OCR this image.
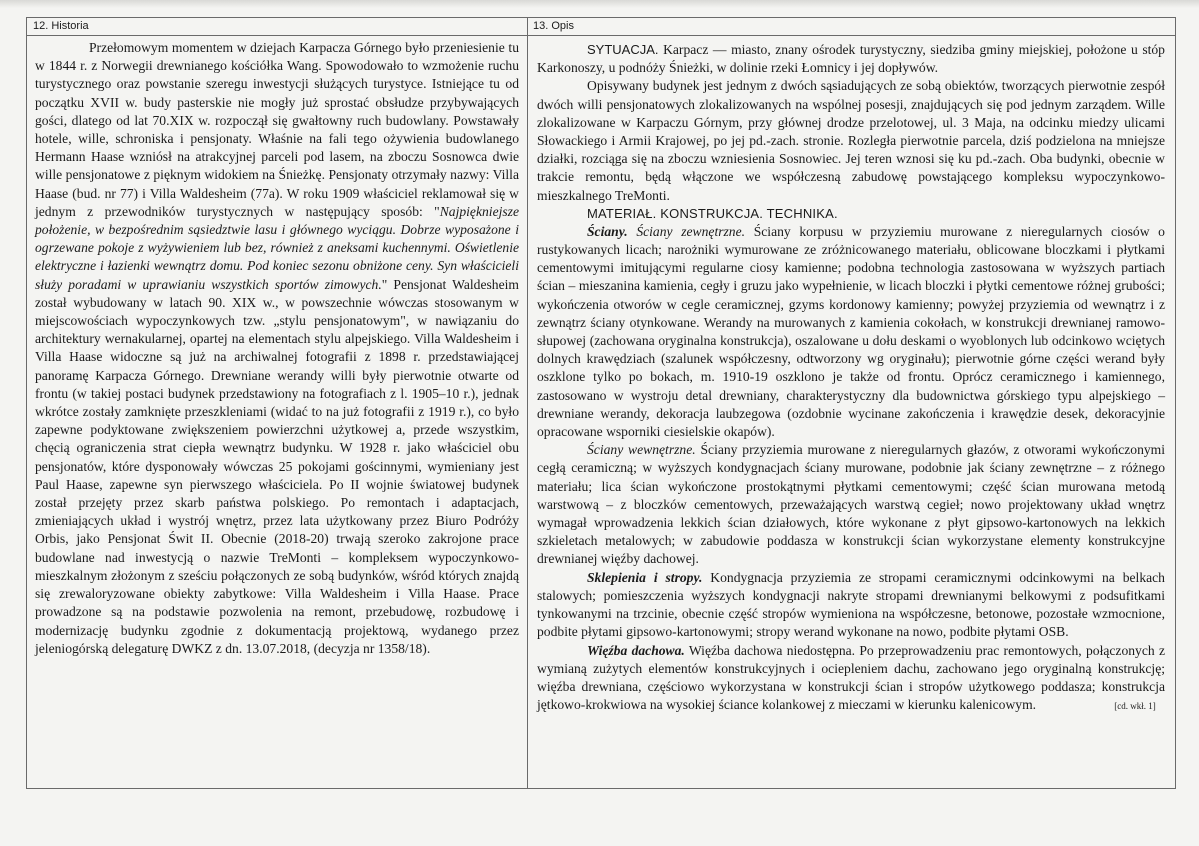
12. Historia	13. Opis

Przełomowym momentem w dziejach Karpacza Górnego było przeniesienie tu w 1844 r. z Norwegii drewnianego kościółka Wang. Spowodowało to wzmożenie ruchu turystycznego oraz powstanie szeregu inwestycji służących turystyce. Istniejące tu od początku XVII w. budy pasterskie nie mogły już sprostać obsłudze przybywających gości, dlatego od lat 70.XIX w. rozpoczął się gwałtowny ruch budowlany. Powstawały hotele, wille, schroniska i pensjonaty. Właśnie na fali tego ożywienia budowlanego Hermann Haase wzniósł na atrakcyjnej parceli pod lasem, na zboczu Sosnowca dwie wille pensjonatowe z pięknym widokiem na Śnieżkę. Pensjonaty otrzymały nazwy: Villa Haase (bud. nr 77) i Villa Waldesheim (77a). W roku 1909 właściciel reklamował się w jednym z przewodników turystycznych w następujący sposób: "Najpiękniejsze położenie, w bezpośrednim sąsiedztwie lasu i głównego wyciągu. Dobrze wyposażone i ogrzewane pokoje z wyżywieniem lub bez, również z aneksami kuchennymi. Oświetlenie elektryczne i łazienki wewnątrz domu. Pod koniec sezonu obniżone ceny. Syn właścicieli służy poradami w uprawianiu wszystkich sportów zimowych." Pensjonat Waldesheim został wybudowany w latach 90. XIX w., w powszechnie wówczas stosowanym w miejscowościach wypoczynkowych tzw. „stylu pensjonatowym", w nawiązaniu do architektury wernakularnej, opartej na elementach stylu alpejskiego. Villa Waldesheim i Villa Haase widoczne są już na archiwalnej fotografii z 1898 r. przedstawiającej panoramę Karpacza Górnego. Drewniane werandy willi były pierwotnie otwarte od frontu (w takiej postaci budynek przedstawiony na fotografiach z l. 1905–10 r.), jednak wkrótce zostały zamknięte przeszkleniami (widać to na już fotografii z 1919 r.), co było zapewne podyktowane zwiększeniem powierzchni użytkowej a, przede wszystkim, chęcią ograniczenia strat ciepła wewnątrz budynku. W 1928 r. jako właściciel obu pensjonatów, które dysponowały wówczas 25 pokojami gościnnymi, wymieniany jest Paul Haase, zapewne syn pierwszego właściciela. Po II wojnie światowej budynek został przejęty przez skarb państwa polskiego. Po remontach i adaptacjach, zmieniających układ i wystrój wnętrz, przez lata użytkowany przez Biuro Podróży Orbis, jako Pensjonat Świt II. Obecnie (2018-20) trwają szeroko zakrojone prace budowlane nad inwestycją o nazwie TreMonti – kompleksem wypoczynkowo-mieszkalnym złożonym z sześciu połączonych ze sobą budynków, wśród których znajdą się zrewaloryzowane obiekty zabytkowe: Villa Waldesheim i Villa Haase. Prace prowadzone są na podstawie pozwolenia na remont, przebudowę, rozbudowę i modernizację budynku zgodnie z dokumentacją projektową, wydanego przez jeleniogórską delegaturę DWKZ z dn. 13.07.2018, (decyzja nr 1358/18).

SYTUACJA. Karpacz — miasto, znany ośrodek turystyczny, siedziba gminy miejskiej, położone u stóp Karkonoszy, u podnóży Śnieżki, w dolinie rzeki Łomnicy i jej dopływów.

Opisywany budynek jest jednym z dwóch sąsiadujących ze sobą obiektów, tworzących pierwotnie zespół dwóch willi pensjonatowych zlokalizowanych na wspólnej posesji, znajdujących się pod jednym zarządem. Wille zlokalizowane w Karpaczu Górnym, przy głównej drodze przelotowej, ul. 3 Maja, na odcinku miedzy ulicami Słowackiego i Armii Krajowej, po jej pd.-zach. stronie. Rozległa pierwotnie parcela, dziś podzielona na mniejsze działki, rozciąga się na zboczu wzniesienia Sosnowiec. Jej teren wznosi się ku pd.-zach. Oba budynki, obecnie w trakcie remontu, będą włączone we współczesną zabudowę powstającego kompleksu wypoczynkowo-mieszkalnego TreMonti.

MATERIAŁ. KONSTRUKCJA. TECHNIKA.

Ściany. Ściany zewnętrzne. Ściany korpusu w przyziemiu murowane z nieregularnych ciosów o rustykowanych licach; narożniki wymurowane ze zróżnicowanego materiału, oblicowane bloczkami i płytkami cementowymi imitującymi regularne ciosy kamienne; podobna technologia zastosowana w wyższych partiach ścian – mieszanina kamienia, cegły i gruzu jako wypełnienie, w licach bloczki i płytki cementowe różnej grubości; wykończenia otworów w cegle ceramicznej, gzyms kordonowy kamienny; powyżej przyziemia od wewnątrz i z zewnątrz ściany otynkowane. Werandy na murowanych z kamienia cokołach, w konstrukcji drewnianej ramowo-słupowej (zachowana oryginalna konstrukcja), oszalowane u dołu deskami o wyoblonych lub odcinkowo wciętych dolnych krawędziach (szalunek współczesny, odtworzony wg oryginału); pierwotnie górne części werand były oszklone tylko po bokach, m. 1910-19 oszklono je także od frontu. Oprócz ceramicznego i kamiennego, zastosowano w wystroju detal drewniany, charakterystyczny dla budownictwa górskiego typu alpejskiego – drewniane werandy, dekoracja laubzegowa (ozdobnie wycinane zakończenia i krawędzie desek, dekoracyjnie opracowane wsporniki ciesielskie okapów).

Ściany wewnętrzne. Ściany przyziemia murowane z nieregularnych głazów, z otworami wykończonymi cegłą ceramiczną; w wyższych kondygnacjach ściany murowane, podobnie jak ściany zewnętrzne – z różnego materiału; lica ścian wykończone prostokątnymi płytkami cementowymi; część ścian murowana metodą warstwową – z bloczków cementowych, przeważających warstwą cegieł; nowo projektowany układ wnętrz wymagał wprowadzenia lekkich ścian działowych, które wykonane z płyt gipsowo-kartonowych na lekkich szkieletach metalowych; w zabudowie poddasza w konstrukcji ścian wykorzystane elementy konstrukcyjne drewnianej więźby dachowej.

Sklepienia i stropy. Kondygnacja przyziemia ze stropami ceramicznymi odcinkowymi na belkach stalowych; pomieszczenia wyższych kondygnacji nakryte stropami drewnianymi belkowymi z podsufitkami tynkowanymi na trzcinie, obecnie część stropów wymieniona na współczesne, betonowe, pozostałe wzmocnione, podbite płytami gipsowo-kartonowymi; stropy werand wykonane na nowo, podbite płytami OSB.

Więźba dachowa. Więźba dachowa niedostępna. Po przeprowadzeniu prac remontowych, połączonych z wymianą zużytych elementów konstrukcyjnych i ociepleniem dachu, zachowano jego oryginalną konstrukcję; więźba drewniana, częściowo wykorzystana w konstrukcji ścian i stropów użytkowego poddasza; konstrukcja jętkowo-krokwiowa na wysokiej ściance kolankowej z mieczami w kierunku kalenicowym.	[cd. wkł. 1]
